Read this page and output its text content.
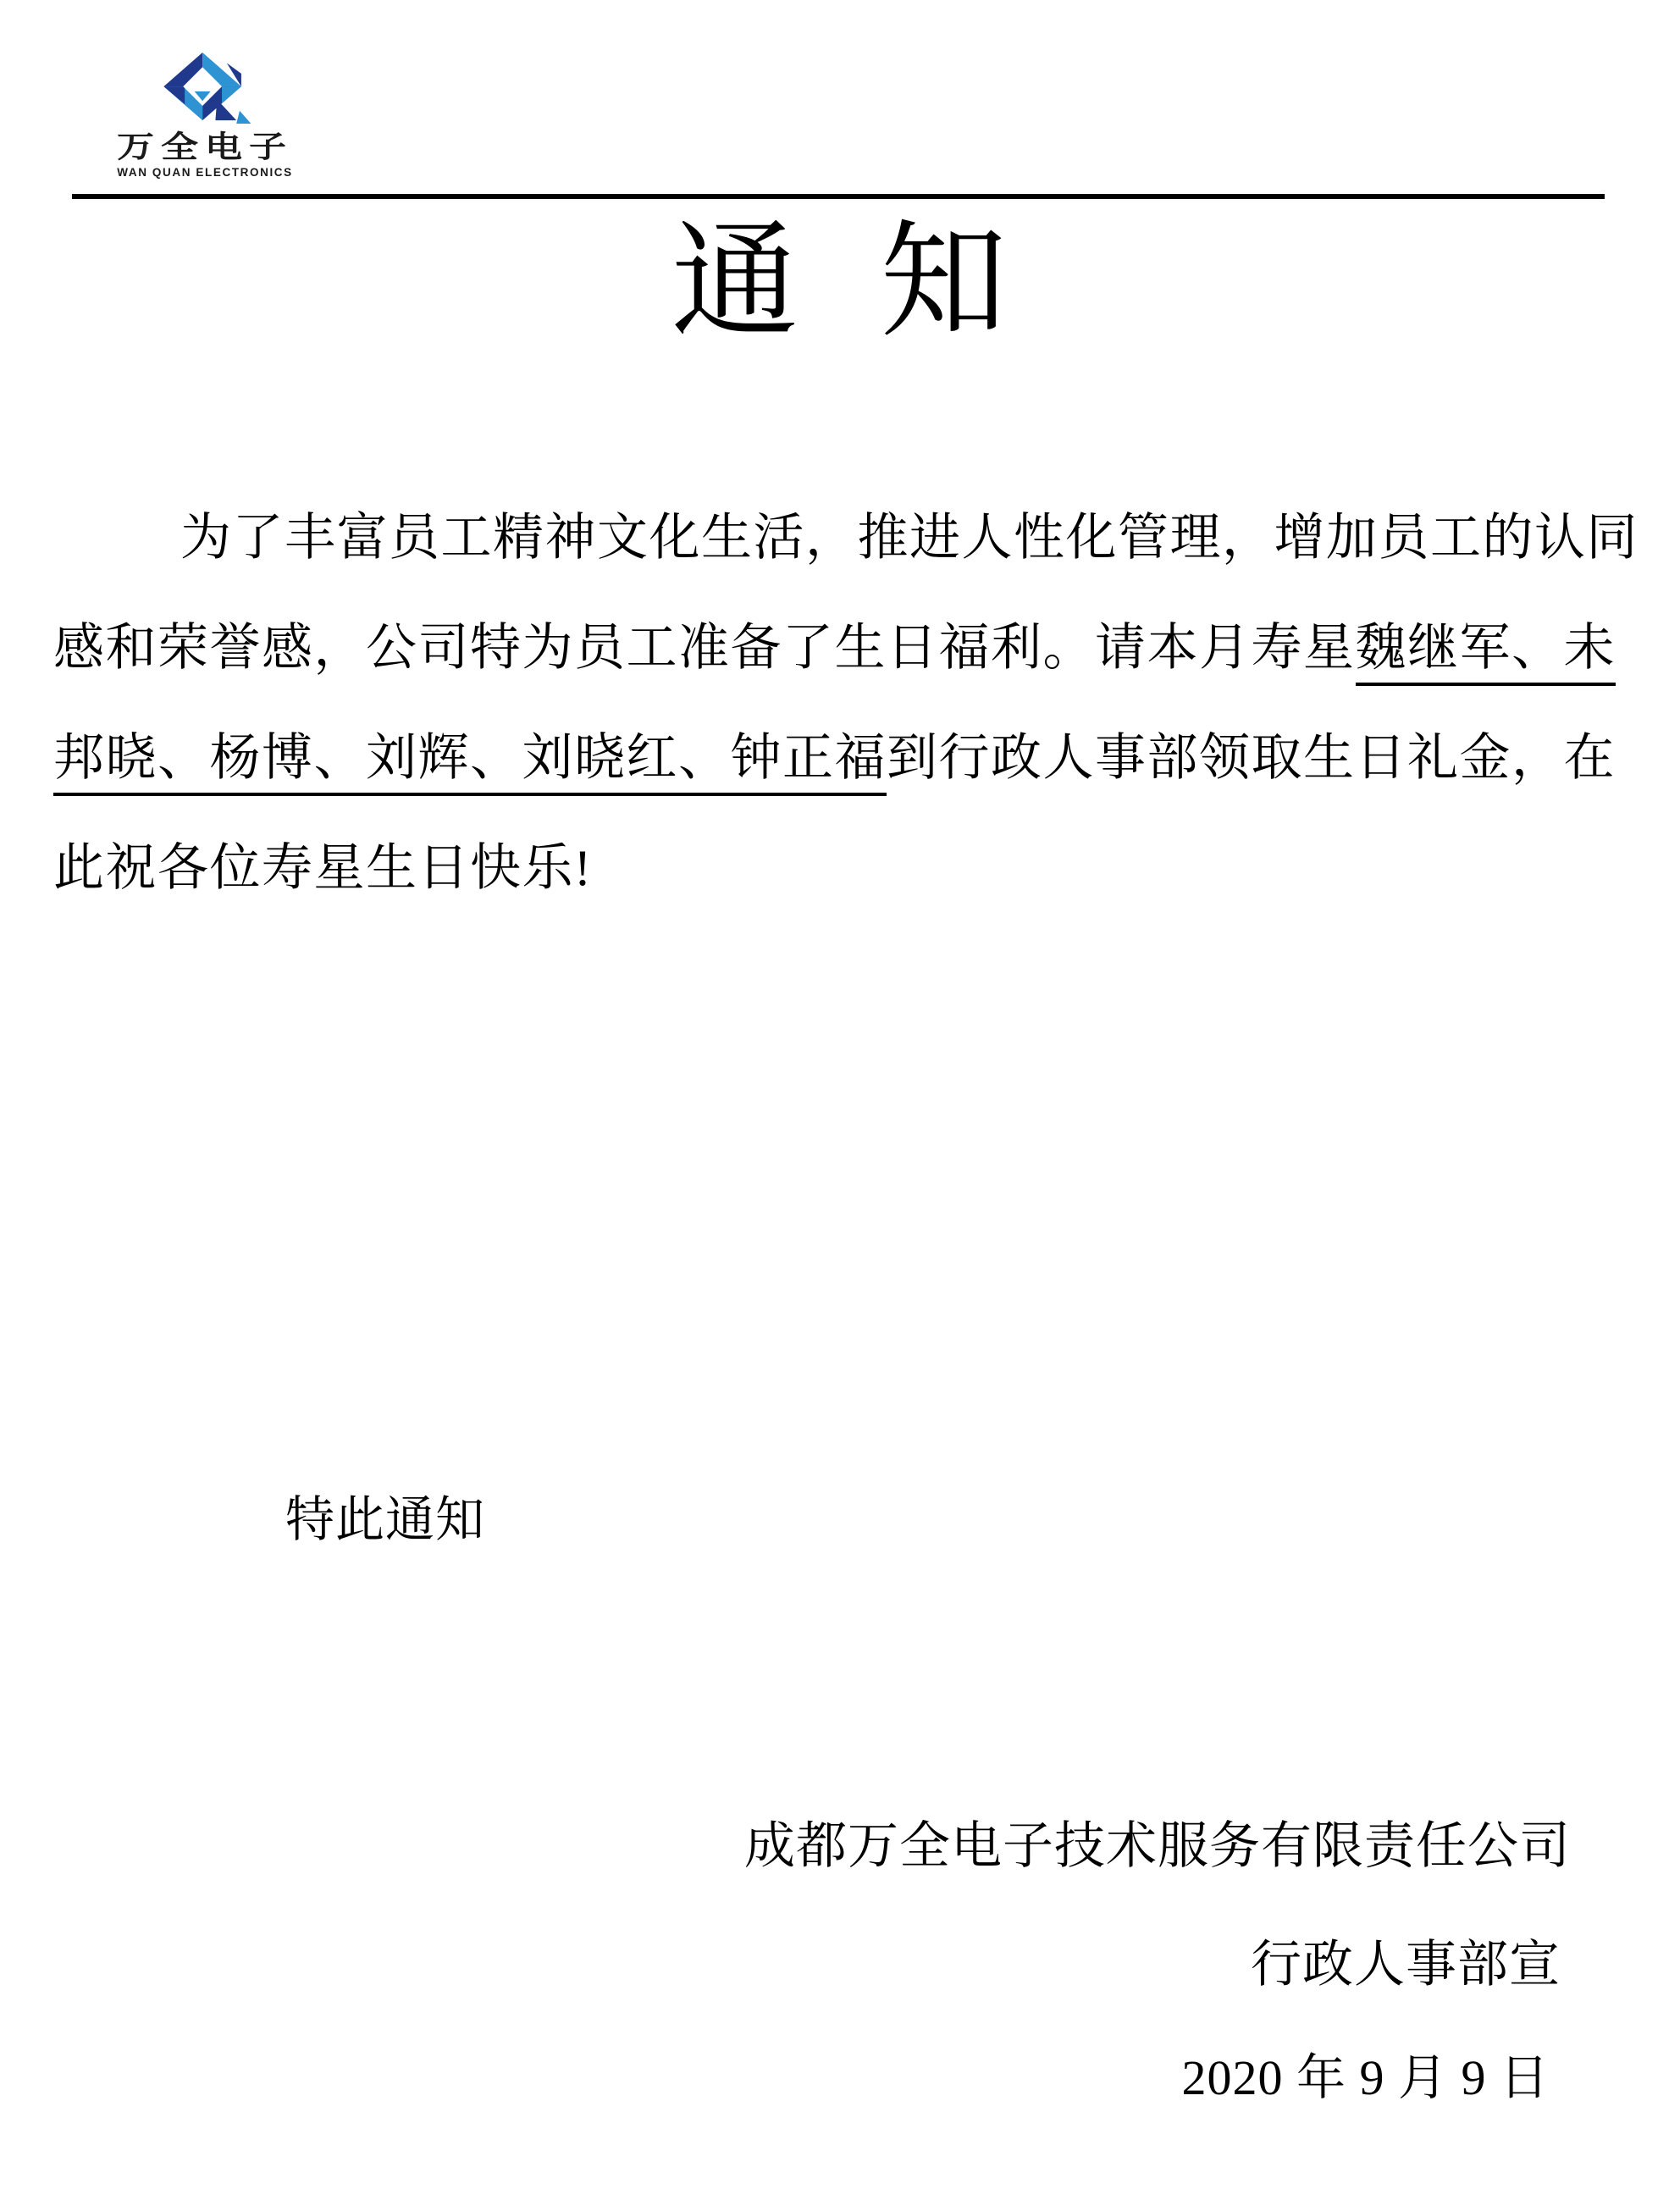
万全电子
WAN QUAN ELECTRONICS
通 知
为了丰富员工精神文化生活，推进人性化管理，增加员工的认同
感和荣誉感，公司特为员工准备了生日福利。请本月寿星魏继军、未
邦晓、杨博、刘辉、刘晓红、钟正福到行政人事部领取生日礼金，在
此祝各位寿星生日快乐!
特此通知
成都万全电子技术服务有限责任公司
行政人事部宣
2020 年 9 月 9 日
